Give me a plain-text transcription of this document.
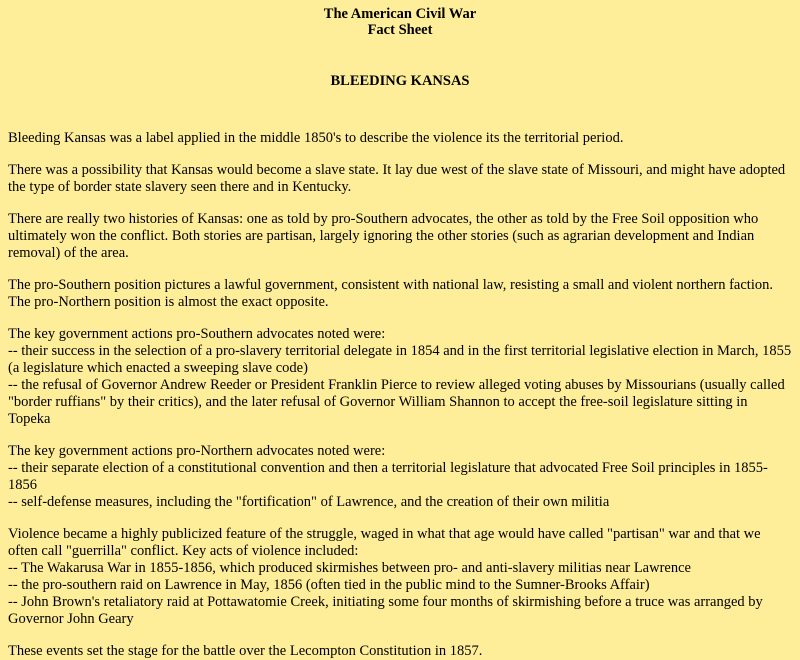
The American Civil War
Fact Sheet
BLEEDING KANSAS

Bleeding Kansas was a label applied in the middle 1850's to describe the violence its the territorial period.

There was a possibility that Kansas would become a slave state. It lay due west of the slave state of Missouri, and might have adopted the type of border state slavery seen there and in Kentucky.

There are really two histories of Kansas: one as told by pro-Southern advocates, the other as told by the Free Soil opposition who ultimately won the conflict. Both stories are partisan, largely ignoring the other stories (such as agrarian development and Indian removal) of the area.

The pro-Southern position pictures a lawful government, consistent with national law, resisting a small and violent northern faction. The pro-Northern position is almost the exact opposite.

The key government actions pro-Southern advocates noted were:
-- their success in the selection of a pro-slavery territorial delegate in 1854 and in the first territorial legislative election in March, 1855 (a legislature which enacted a sweeping slave code)
-- the refusal of Governor Andrew Reeder or President Franklin Pierce to review alleged voting abuses by Missourians (usually called "border ruffians" by their critics), and the later refusal of Governor William Shannon to accept the free-soil legislature sitting in Topeka

The key government actions pro-Northern advocates noted were:
-- their separate election of a constitutional convention and then a territorial legislature that advocated Free Soil principles in 1855-1856
-- self-defense measures, including the "fortification" of Lawrence, and the creation of their own militia

Violence became a highly publicized feature of the struggle, waged in what that age would have called "partisan" war and that we often call "guerrilla" conflict. Key acts of violence included:
-- The Wakarusa War in 1855-1856, which produced skirmishes between pro- and anti-slavery militias near Lawrence
-- the pro-southern raid on Lawrence in May, 1856 (often tied in the public mind to the Sumner-Brooks Affair)
-- John Brown's retaliatory raid at Pottawatomie Creek, initiating some four months of skirmishing before a truce was arranged by Governor John Geary

These events set the stage for the battle over the Lecompton Constitution in 1857.
